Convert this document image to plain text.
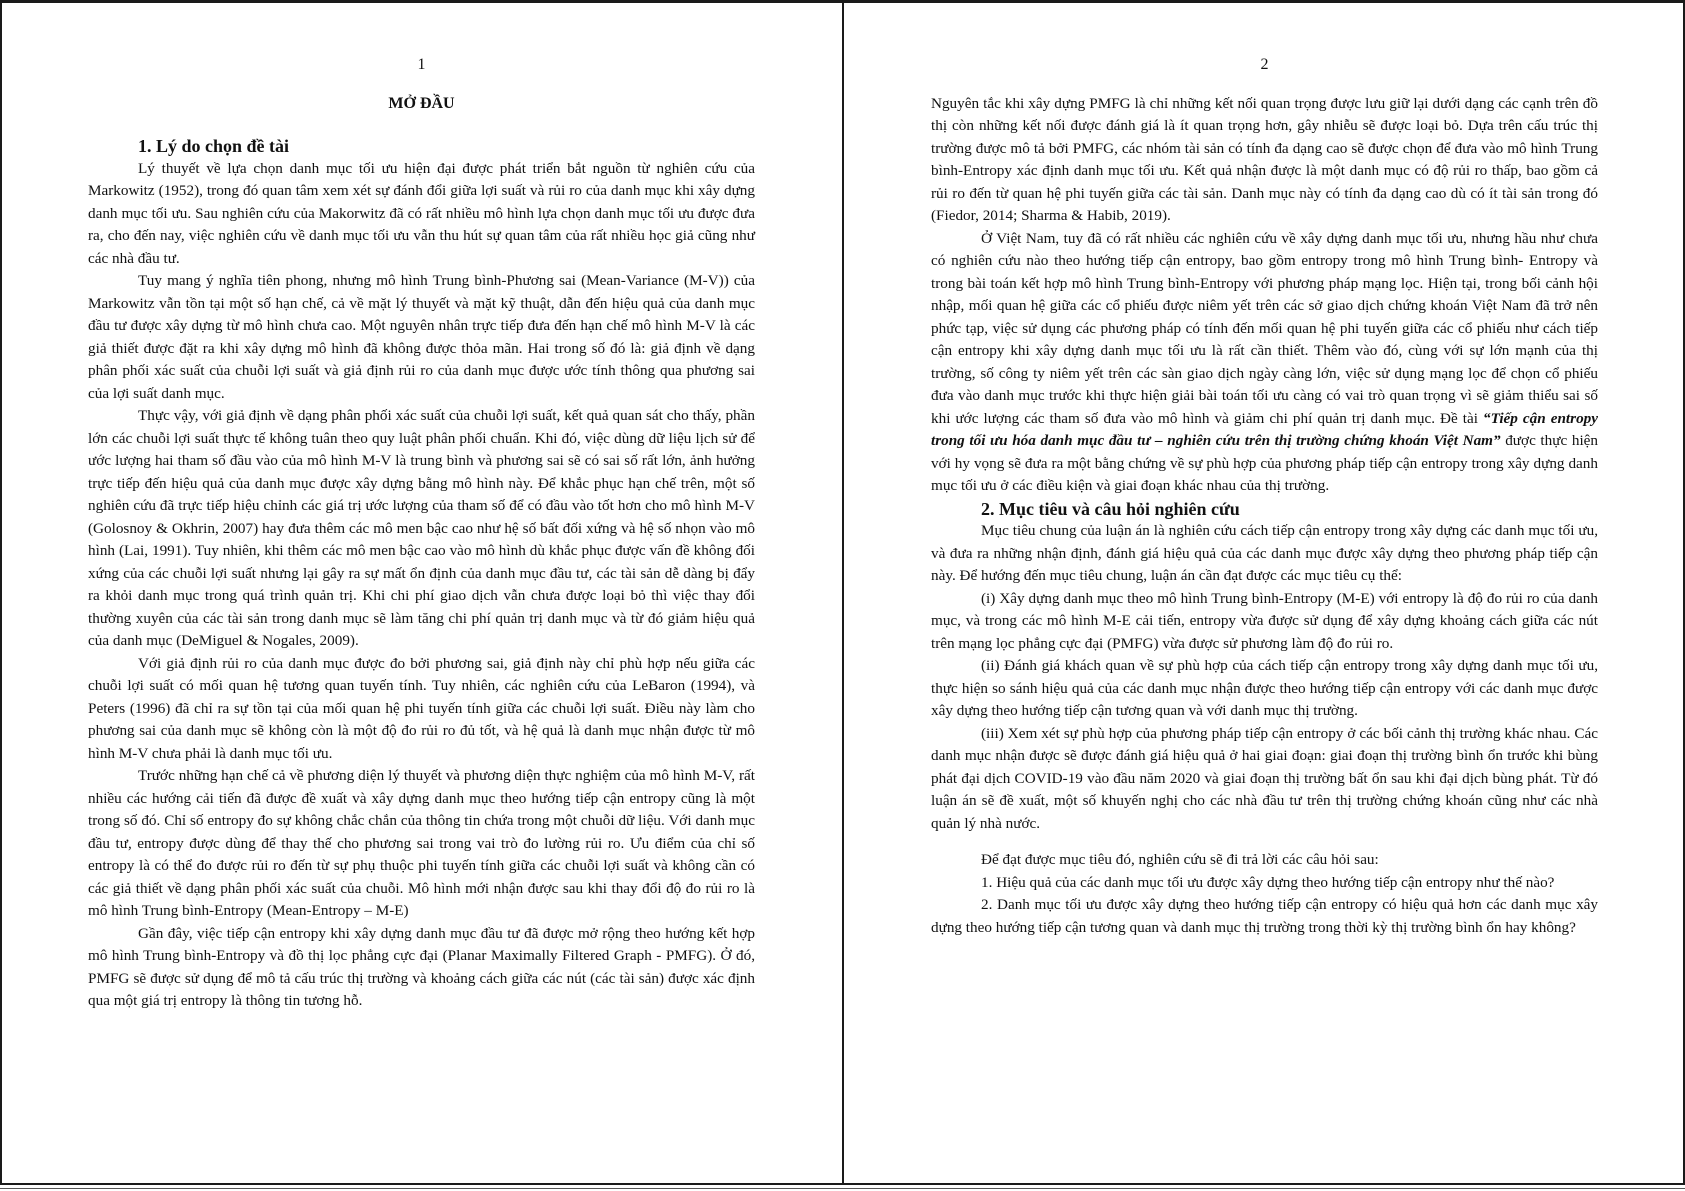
1
MỞ ĐẦU
1. Lý do chọn đề tài

Lý thuyết về lựa chọn danh mục tối ưu hiện đại được phát triển bắt nguồn từ nghiên cứu của Markowitz (1952), trong đó quan tâm xem xét sự đánh đổi giữa lợi suất và rủi ro của danh mục khi xây dựng danh mục tối ưu. Sau nghiên cứu của Makorwitz đã có rất nhiều mô hình lựa chọn danh mục tối ưu được đưa ra, cho đến nay, việc nghiên cứu về danh mục tối ưu vẫn thu hút sự quan tâm của rất nhiều học giả cũng như các nhà đầu tư.

Tuy mang ý nghĩa tiên phong, nhưng mô hình Trung bình-Phương sai (Mean-Variance (M-V)) của Markowitz vẫn tồn tại một số hạn chế, cả về mặt lý thuyết và mặt kỹ thuật, dẫn đến hiệu quả của danh mục đầu tư được xây dựng từ mô hình chưa cao. Một nguyên nhân trực tiếp đưa đến hạn chế mô hình M-V là các giả thiết được đặt ra khi xây dựng mô hình đã không được thỏa mãn. Hai trong số đó là: giả định về dạng phân phối xác suất của chuỗi lợi suất và giả định rủi ro của danh mục được ước tính thông qua phương sai của lợi suất danh mục.

Thực vậy, với giả định về dạng phân phối xác suất của chuỗi lợi suất, kết quả quan sát cho thấy, phần lớn các chuỗi lợi suất thực tế không tuân theo quy luật phân phối chuẩn. Khi đó, việc dùng dữ liệu lịch sử để ước lượng hai tham số đầu vào của mô hình M-V là trung bình và phương sai sẽ có sai số rất lớn, ảnh hưởng trực tiếp đến hiệu quả của danh mục được xây dựng bằng mô hình này. Để khắc phục hạn chế trên, một số nghiên cứu đã trực tiếp hiệu chỉnh các giá trị ước lượng của tham số để có đầu vào tốt hơn cho mô hình M-V (Golosnoy & Okhrin, 2007) hay đưa thêm các mô men bậc cao như hệ số bất đối xứng và hệ số nhọn vào mô hình (Lai, 1991). Tuy nhiên, khi thêm các mô men bậc cao vào mô hình dù khắc phục được vấn đề không đối xứng của các chuỗi lợi suất nhưng lại gây ra sự mất ổn định của danh mục đầu tư, các tài sản dễ dàng bị đẩy ra khỏi danh mục trong quá trình quản trị. Khi chi phí giao dịch vẫn chưa được loại bỏ thì việc thay đổi thường xuyên của các tài sản trong danh mục sẽ làm tăng chi phí quản trị danh mục và từ đó giảm hiệu quả của danh mục (DeMiguel & Nogales, 2009).

Với giả định rủi ro của danh mục được đo bởi phương sai, giả định này chỉ phù hợp nếu giữa các chuỗi lợi suất có mối quan hệ tương quan tuyến tính. Tuy nhiên, các nghiên cứu của LeBaron (1994), và Peters (1996) đã chỉ ra sự tồn tại của mối quan hệ phi tuyến tính giữa các chuỗi lợi suất. Điều này làm cho phương sai của danh mục sẽ không còn là một độ đo rủi ro đủ tốt, và hệ quả là danh mục nhận được từ mô hình M-V chưa phải là danh mục tối ưu.

Trước những hạn chế cả về phương diện lý thuyết và phương diện thực nghiệm của mô hình M-V, rất nhiều các hướng cải tiến đã được đề xuất và xây dựng danh mục theo hướng tiếp cận entropy cũng là một trong số đó. Chỉ số entropy đo sự không chắc chắn của thông tin chứa trong một chuỗi dữ liệu. Với danh mục đầu tư, entropy được dùng để thay thế cho phương sai trong vai trò đo lường rủi ro. Ưu điểm của chỉ số entropy là có thể đo được rủi ro đến từ sự phụ thuộc phi tuyến tính giữa các chuỗi lợi suất và không cần có các giả thiết về dạng phân phối xác suất của chuỗi. Mô hình mới nhận được sau khi thay đổi độ đo rủi ro là mô hình Trung bình-Entropy (Mean-Entropy – M-E)

Gần đây, việc tiếp cận entropy khi xây dựng danh mục đầu tư đã được mở rộng theo hướng kết hợp mô hình Trung bình-Entropy và đồ thị lọc phẳng cực đại (Planar Maximally Filtered Graph - PMFG). Ở đó, PMFG sẽ được sử dụng để mô tả cấu trúc thị trường và khoảng cách giữa các nút (các tài sản) được xác định qua một giá trị entropy là thông tin tương hỗ.

2

Nguyên tắc khi xây dựng PMFG là chỉ những kết nối quan trọng được lưu giữ lại dưới dạng các cạnh trên đồ thị còn những kết nối được đánh giá là ít quan trọng hơn, gây nhiễu sẽ được loại bỏ. Dựa trên cấu trúc thị trường được mô tả bởi PMFG, các nhóm tài sản có tính đa dạng cao sẽ được chọn để đưa vào mô hình Trung bình-Entropy xác định danh mục tối ưu. Kết quả nhận được là một danh mục có độ rủi ro thấp, bao gồm cả rủi ro đến từ quan hệ phi tuyến giữa các tài sản. Danh mục này có tính đa dạng cao dù có ít tài sản trong đó (Fiedor, 2014; Sharma & Habib, 2019).

Ở Việt Nam, tuy đã có rất nhiều các nghiên cứu về xây dựng danh mục tối ưu, nhưng hầu như chưa có nghiên cứu nào theo hướng tiếp cận entropy, bao gồm entropy trong mô hình Trung bình- Entropy và trong bài toán kết hợp mô hình Trung bình-Entropy với phương pháp mạng lọc. Hiện tại, trong bối cảnh hội nhập, mối quan hệ giữa các cổ phiếu được niêm yết trên các sở giao dịch chứng khoán Việt Nam đã trở nên phức tạp, việc sử dụng các phương pháp có tính đến mối quan hệ phi tuyến giữa các cổ phiếu như cách tiếp cận entropy khi xây dựng danh mục tối ưu là rất cần thiết. Thêm vào đó, cùng với sự lớn mạnh của thị trường, số công ty niêm yết trên các sàn giao dịch ngày càng lớn, việc sử dụng mạng lọc để chọn cổ phiếu đưa vào danh mục trước khi thực hiện giải bài toán tối ưu càng có vai trò quan trọng vì sẽ giảm thiểu sai số khi ước lượng các tham số đưa vào mô hình và giảm chi phí quản trị danh mục. Đề tài “Tiếp cận entropy trong tối ưu hóa danh mục đầu tư – nghiên cứu trên thị trường chứng khoán Việt Nam” được thực hiện với hy vọng sẽ đưa ra một bằng chứng về sự phù hợp của phương pháp tiếp cận entropy trong xây dựng danh mục tối ưu ở các điều kiện và giai đoạn khác nhau của thị trường.

2. Mục tiêu và câu hỏi nghiên cứu

Mục tiêu chung của luận án là nghiên cứu cách tiếp cận entropy trong xây dựng các danh mục tối ưu, và đưa ra những nhận định, đánh giá hiệu quả của các danh mục được xây dựng theo phương pháp tiếp cận này. Để hướng đến mục tiêu chung, luận án cần đạt được các mục tiêu cụ thể:

(i) Xây dựng danh mục theo mô hình Trung bình-Entropy (M-E) với entropy là độ đo rủi ro của danh mục, và trong các mô hình M-E cải tiến, entropy vừa được sử dụng để xây dựng khoảng cách giữa các nút trên mạng lọc phẳng cực đại (PMFG) vừa được sử phương làm độ đo rủi ro.

(ii) Đánh giá khách quan về sự phù hợp của cách tiếp cận entropy trong xây dựng danh mục tối ưu, thực hiện so sánh hiệu quả của các danh mục nhận được theo hướng tiếp cận entropy với các danh mục được xây dựng theo hướng tiếp cận tương quan và với danh mục thị trường.

(iii) Xem xét sự phù hợp của phương pháp tiếp cận entropy ở các bối cảnh thị trường khác nhau. Các danh mục nhận được sẽ được đánh giá hiệu quả ở hai giai đoạn: giai đoạn thị trường bình ổn trước khi bùng phát đại dịch COVID-19 vào đầu năm 2020 và giai đoạn thị trường bất ổn sau khi đại dịch bùng phát. Từ đó luận án sẽ đề xuất, một số khuyến nghị cho các nhà đầu tư trên thị trường chứng khoán cũng như các nhà quản lý nhà nước.

Để đạt được mục tiêu đó, nghiên cứu sẽ đi trả lời các câu hỏi sau:

1. Hiệu quả của các danh mục tối ưu được xây dựng theo hướng tiếp cận entropy như thế nào?

2. Danh mục tối ưu được xây dựng theo hướng tiếp cận entropy có hiệu quả hơn các danh mục xây dựng theo hướng tiếp cận tương quan và danh mục thị trường trong thời kỳ thị trường bình ổn hay không?
